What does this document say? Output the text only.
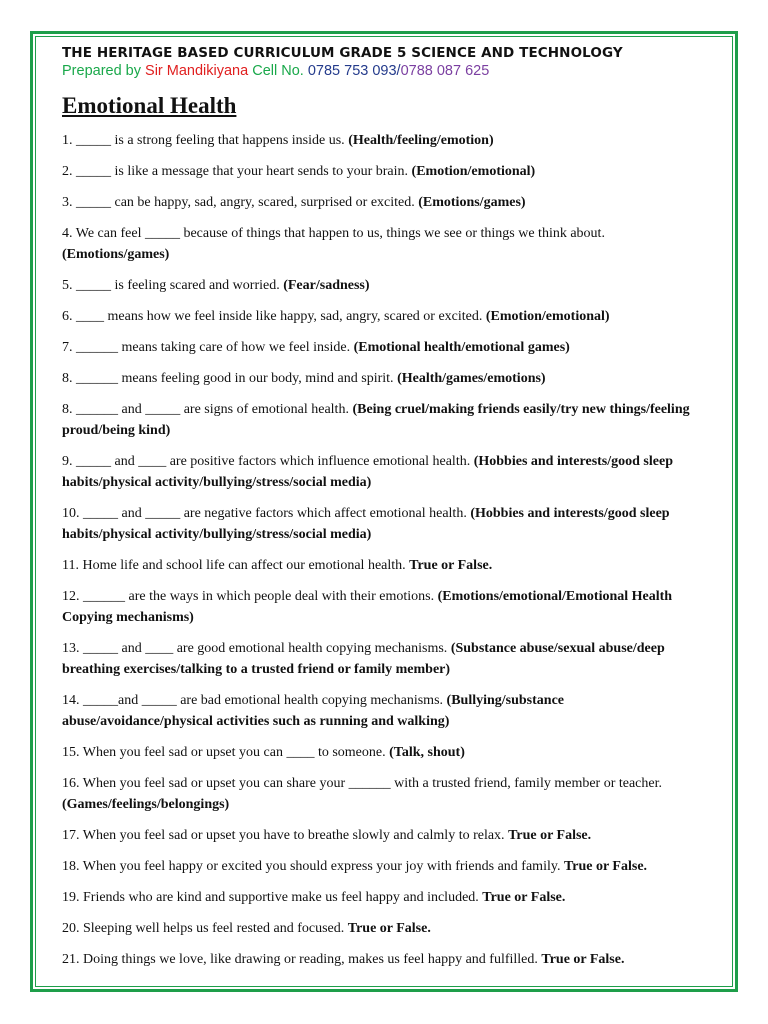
THE HERITAGE BASED CURRICULUM GRADE 5 SCIENCE AND TECHNOLOGY
Prepared by Sir Mandikiyana Cell No. 0785 753 093/0788 087 625
Emotional Health
1. _____ is a strong feeling that happens inside us. (Health/feeling/emotion)
2. _____ is like a message that your heart sends to your brain. (Emotion/emotional)
3. _____ can be happy, sad, angry, scared, surprised or excited. (Emotions/games)
4. We can feel _____ because of things that happen to us, things we see or things we think about. (Emotions/games)
5. _____ is feeling scared and worried. (Fear/sadness)
6. ____ means how we feel inside like happy, sad, angry, scared or excited. (Emotion/emotional)
7. ______ means taking care of how we feel inside. (Emotional health/emotional games)
8. ______ means feeling good in our body, mind and spirit. (Health/games/emotions)
8. ______ and _____ are signs of emotional health. (Being cruel/making friends easily/try new things/feeling proud/being kind)
9. _____ and ____ are positive factors which influence emotional health. (Hobbies and interests/good sleep habits/physical activity/bullying/stress/social media)
10. _____ and _____ are negative factors which affect emotional health. (Hobbies and interests/good sleep habits/physical activity/bullying/stress/social media)
11. Home life and school life can affect our emotional health. True or False.
12. ______ are the ways in which people deal with their emotions. (Emotions/emotional/Emotional Health Copying mechanisms)
13. _____ and ____ are good emotional health copying mechanisms. (Substance abuse/sexual abuse/deep breathing exercises/talking to a trusted friend or family member)
14. _____and _____ are bad emotional health copying mechanisms. (Bullying/substance abuse/avoidance/physical activities such as running and walking)
15. When you feel sad or upset you can ____ to someone. (Talk, shout)
16. When you feel sad or upset you can share your ______ with a trusted friend, family member or teacher. (Games/feelings/belongings)
17. When you feel sad or upset you have to breathe slowly and calmly to relax. True or False.
18. When you feel happy or excited you should express your joy with friends and family. True or False.
19. Friends who are kind and supportive make us feel happy and included. True or False.
20. Sleeping well helps us feel rested and focused. True or False.
21. Doing things we love, like drawing or reading, makes us feel happy and fulfilled. True or False.
